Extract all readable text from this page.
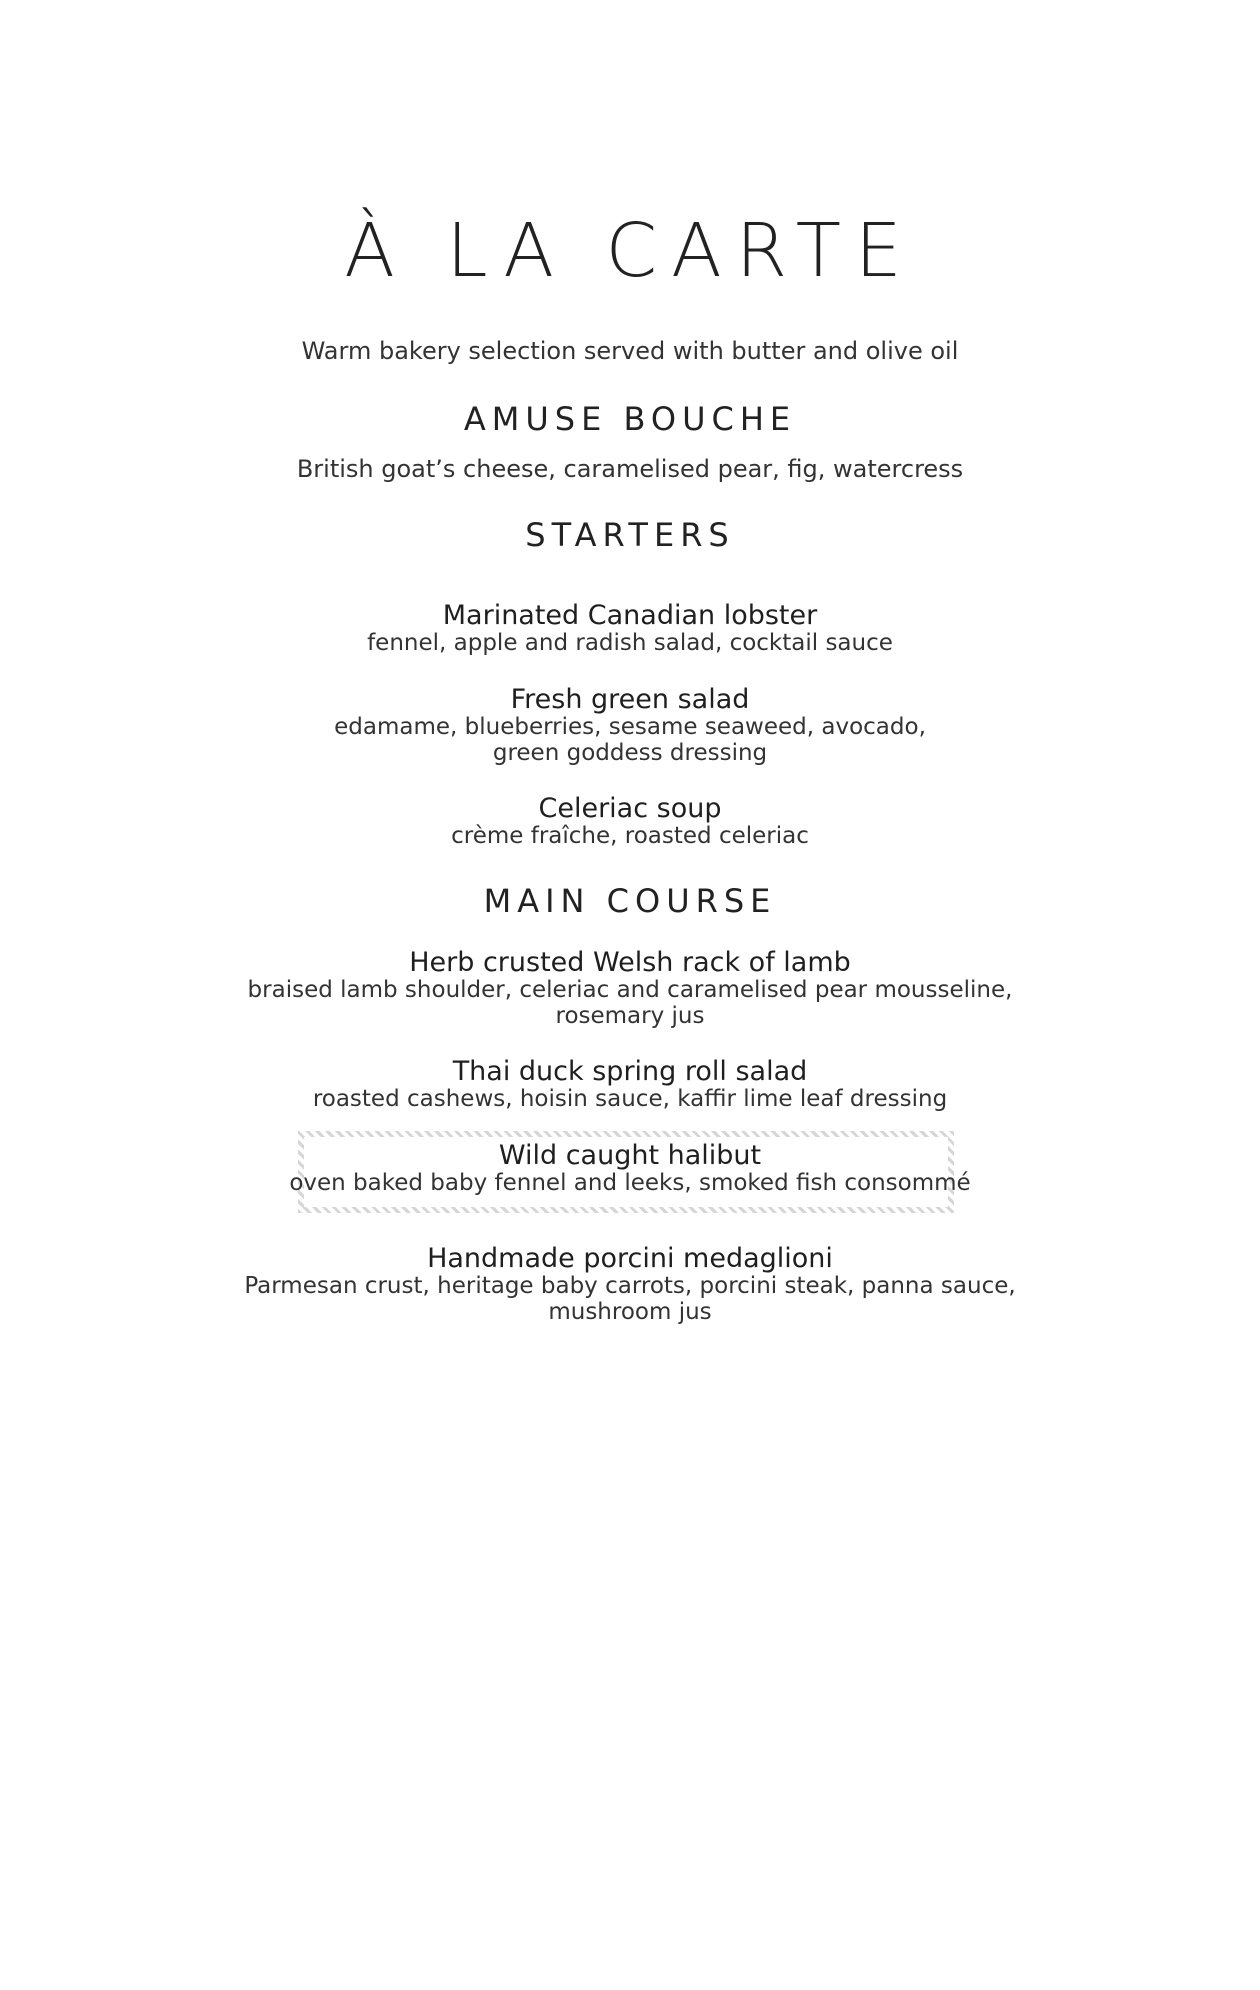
À LA CARTE
Warm bakery selection served with butter and olive oil
AMUSE BOUCHE
British goat’s cheese, caramelised pear, fig, watercress
STARTERS
Marinated Canadian lobster
fennel, apple and radish salad, cocktail sauce
Fresh green salad
edamame, blueberries, sesame seaweed, avocado,
green goddess dressing
Celeriac soup
crème fraîche, roasted celeriac
MAIN COURSE
Herb crusted Welsh rack of lamb
braised lamb shoulder, celeriac and caramelised pear mousseline,
rosemary jus
Thai duck spring roll salad
roasted cashews, hoisin sauce, kaffir lime leaf dressing
Wild caught halibut
oven baked baby fennel and leeks, smoked fish consommé
Handmade porcini medaglioni
Parmesan crust, heritage baby carrots, porcini steak, panna sauce,
mushroom jus
